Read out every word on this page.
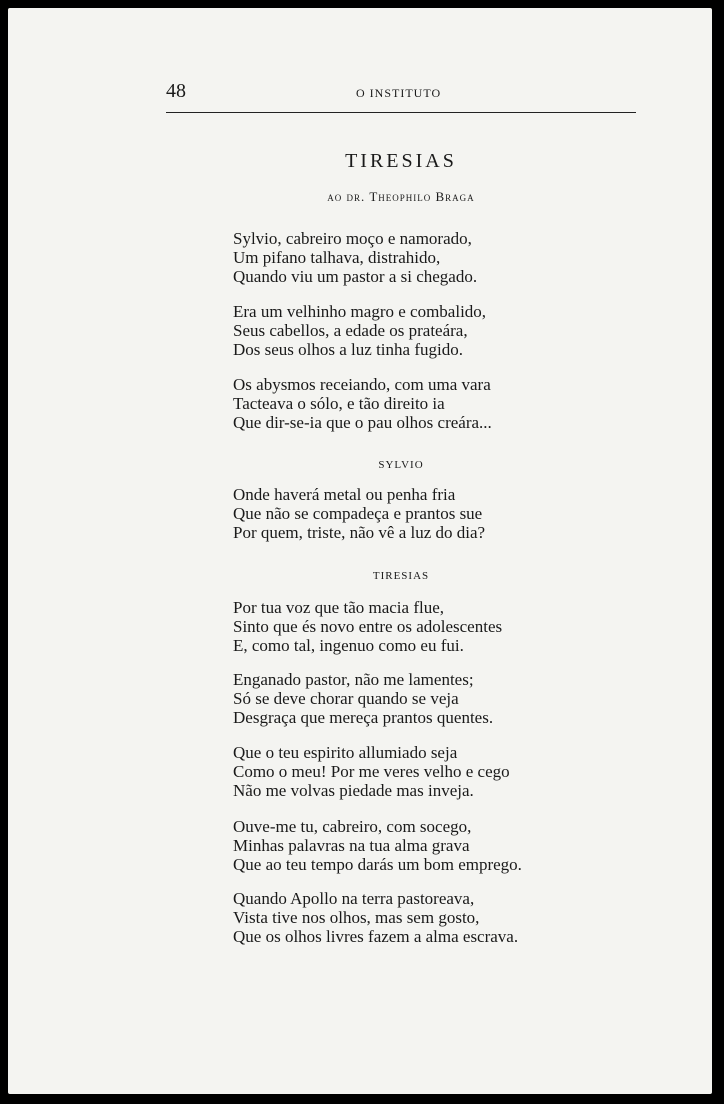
48	O INSTITUTO
TIRESIAS
ao dr. Theophilo Braga
Sylvio, cabreiro moço e namorado,
Um pifano talhava, distrahido,
Quando viu um pastor a si chegado.
Era um velhinho magro e combalido,
Seus cabellos, a edade os prateára,
Dos seus olhos a luz tinha fugido.
Os abysmos receiando, com uma vara
Tacteava o sólo, e tão direito ia
Que dir-se-ia que o pau olhos creára...
SYLVIO
Onde haverá metal ou penha fria
Que não se compadeça e prantos sue
Por quem, triste, não vê a luz do dia?
TIRESIAS
Por tua voz que tão macia flue,
Sinto que és novo entre os adolescentes
E, como tal, ingenuo como eu fui.
Enganado pastor, não me lamentes;
Só se deve chorar quando se veja
Desgraça que mereça prantos quentes.
Que o teu espirito allumiado seja
Como o meu! Por me veres velho e cego
Não me volvas piedade mas inveja.
Ouve-me tu, cabreiro, com socego,
Minhas palavras na tua alma grava
Que ao teu tempo darás um bom emprego.
Quando Apollo na terra pastoreava,
Vista tive nos olhos, mas sem gosto,
Que os olhos livres fazem a alma escrava.
